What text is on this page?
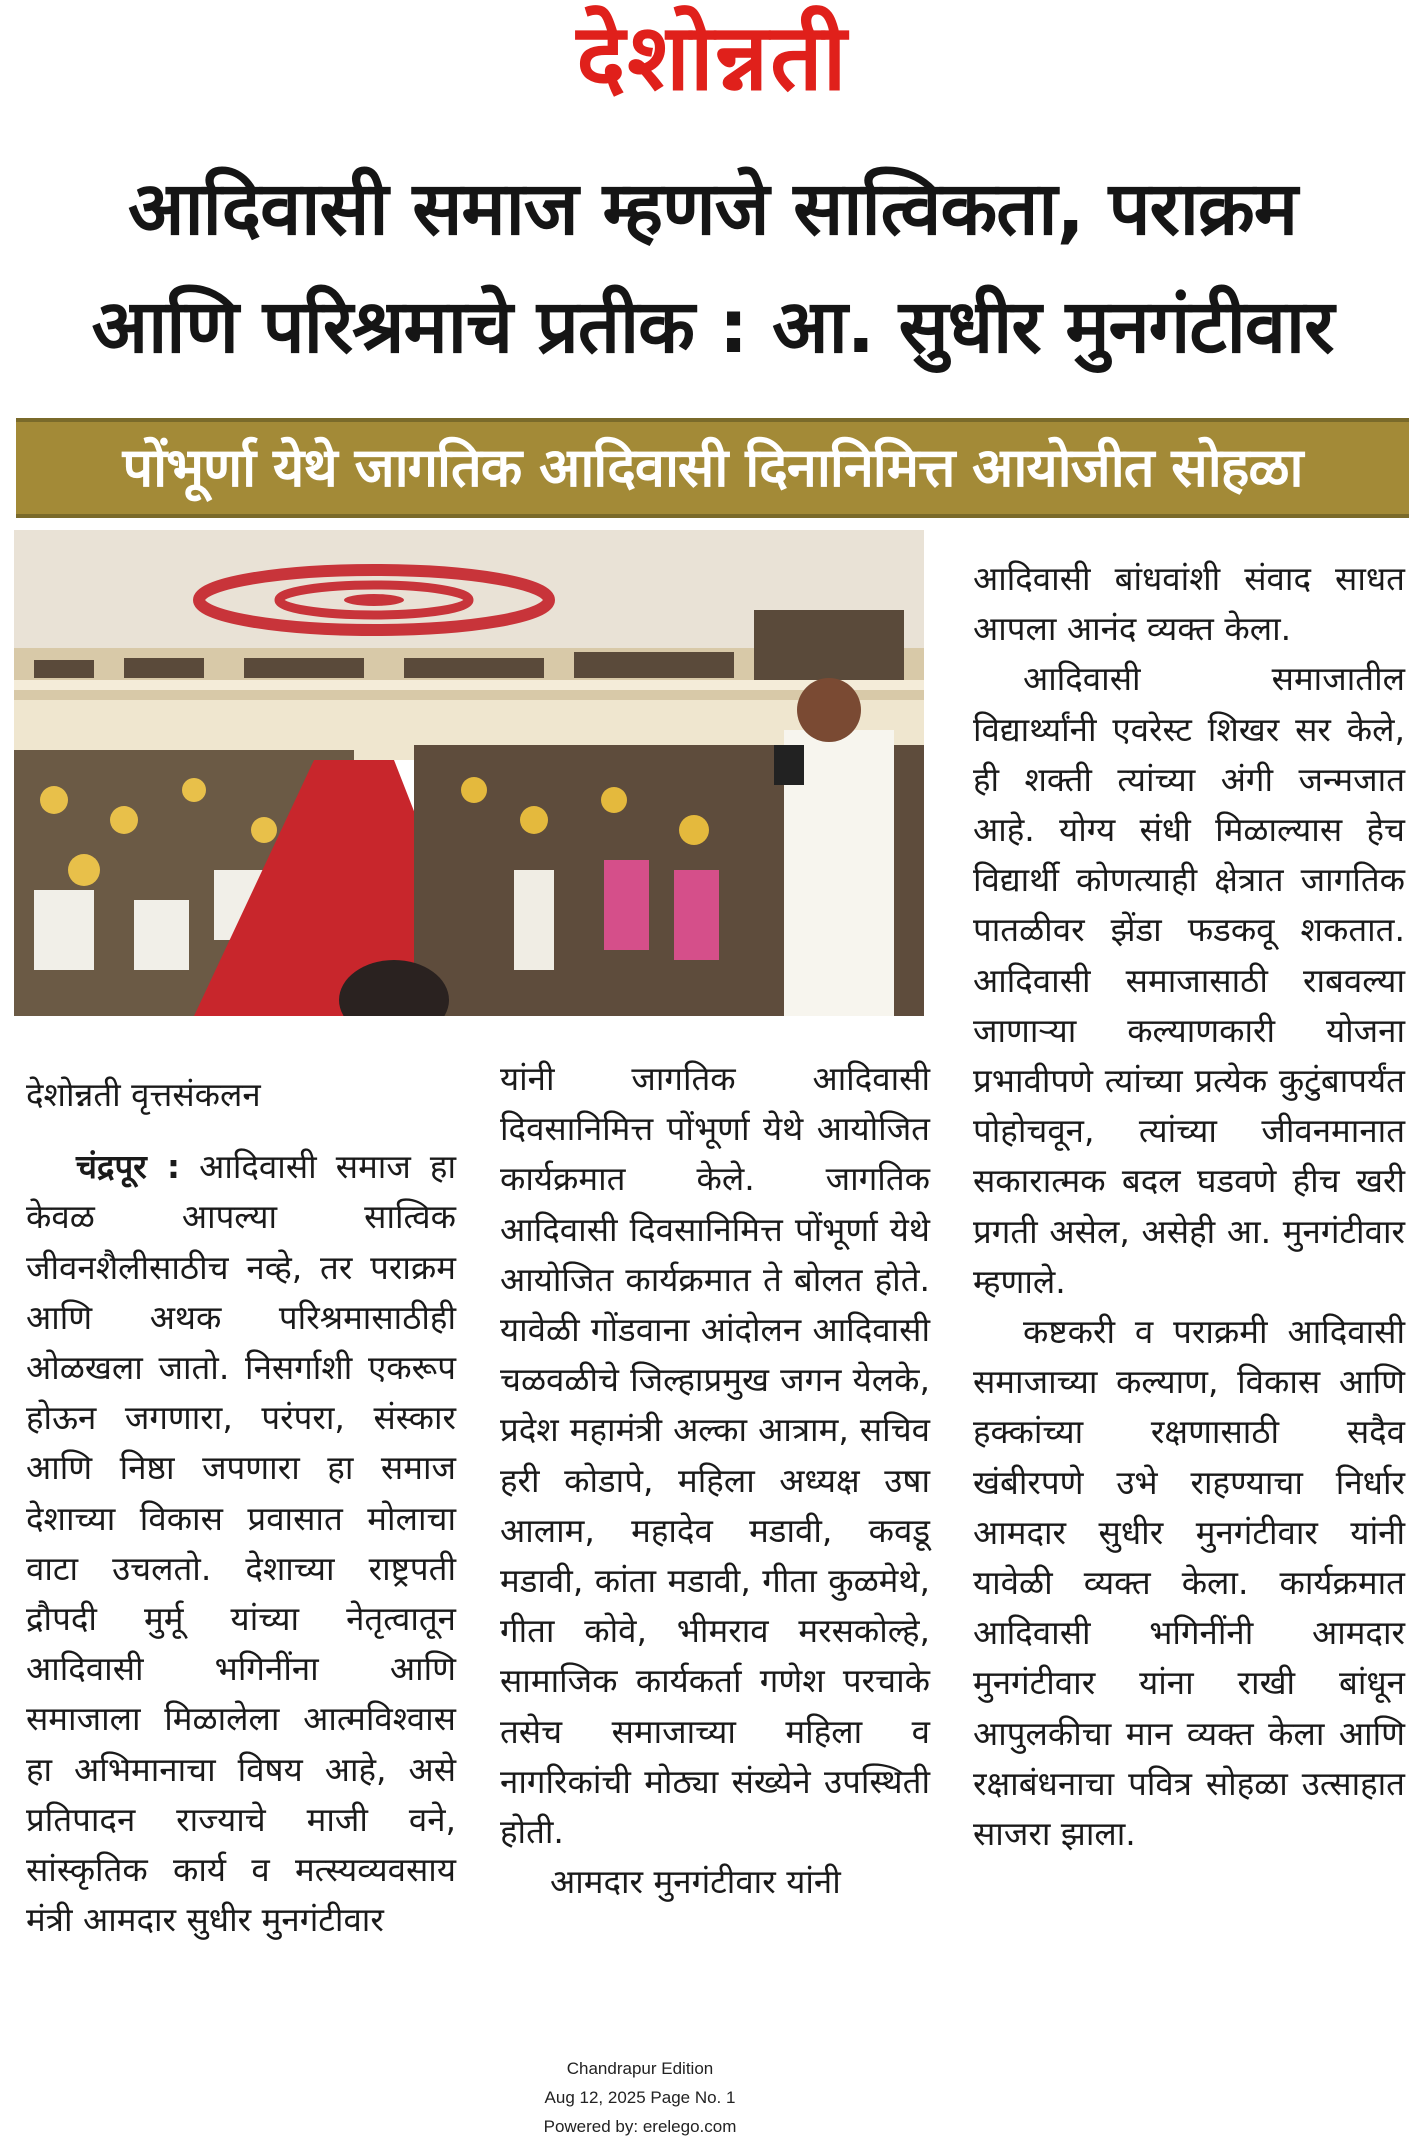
देशोन्नती
आदिवासी समाज म्हणजे सात्विकता, पराक्रम
आणि परिश्रमाचे प्रतीक : आ. सुधीर मुनगंटीवार
पोंभूर्णा येथे जागतिक आदिवासी दिनानिमित्त आयोजीत सोहळा

देशोन्नती वृत्तसंकलन

चंद्रपूर : आदिवासी समाज हा केवळ आपल्या सात्विक जीवनशैलीसाठीच नव्हे, तर पराक्रम आणि अथक परिश्रमासाठीही ओळखला जातो. निसर्गाशी एकरूप होऊन जगणारा, परंपरा, संस्कार आणि निष्ठा जपणारा हा समाज देशाच्या विकास प्रवासात मोलाचा वाटा उचलतो. देशाच्या राष्ट्रपती द्रौपदी मुर्मू यांच्या नेतृत्वातून आदिवासी भगिनींना आणि समाजाला मिळालेला आत्मविश्वास हा अभिमानाचा विषय आहे, असे प्रतिपादन राज्याचे माजी वने, सांस्कृतिक कार्य व मत्स्यव्यवसाय मंत्री आमदार सुधीर मुनगंटीवार

यांनी जागतिक आदिवासी दिवसानिमित्त पोंभूर्णा येथे आयोजित कार्यक्रमात केले. जागतिक आदिवासी दिवसानिमित्त पोंभूर्णा येथे आयोजित कार्यक्रमात ते बोलत होते. यावेळी गोंडवाना आंदोलन आदिवासी चळवळीचे जिल्हाप्रमुख जगन येलके, प्रदेश महामंत्री अल्का आत्राम, सचिव हरी कोडापे, महिला अध्यक्ष उषा आलाम, महादेव मडावी, कवडू मडावी, कांता मडावी, गीता कुळमेथे, गीता कोवे, भीमराव मरसकोल्हे, सामाजिक कार्यकर्ता गणेश परचाके तसेच समाजाच्या महिला व नागरिकांची मोठ्या संख्येने उपस्थिती होती.

आमदार मुनगंटीवार यांनी

आदिवासी बांधवांशी संवाद साधत आपला आनंद व्यक्त केला.

आदिवासी समाजातील विद्यार्थ्यांनी एवरेस्ट शिखर सर केले, ही शक्ती त्यांच्या अंगी जन्मजात आहे. योग्य संधी मिळाल्यास हेच विद्यार्थी कोणत्याही क्षेत्रात जागतिक पातळीवर झेंडा फडकवू शकतात. आदिवासी समाजासाठी राबवल्या जाणाऱ्या कल्याणकारी योजना प्रभावीपणे त्यांच्या प्रत्येक कुटुंबापर्यंत पोहोचवून, त्यांच्या जीवनमानात सकारात्मक बदल घडवणे हीच खरी प्रगती असेल, असेही आ. मुनगंटीवार म्हणाले.

कष्टकरी व पराक्रमी आदिवासी समाजाच्या कल्याण, विकास आणि हक्कांच्या रक्षणासाठी सदैव खंबीरपणे उभे राहण्याचा निर्धार आमदार सुधीर मुनगंटीवार यांनी यावेळी व्यक्त केला. कार्यक्रमात आदिवासी भगिनींनी आमदार मुनगंटीवार यांना राखी बांधून आपुलकीचा मान व्यक्त केला आणि रक्षाबंधनाचा पवित्र सोहळा उत्साहात साजरा झाला.

Chandrapur Edition
Aug 12, 2025 Page No. 1
Powered by: erelego.com
